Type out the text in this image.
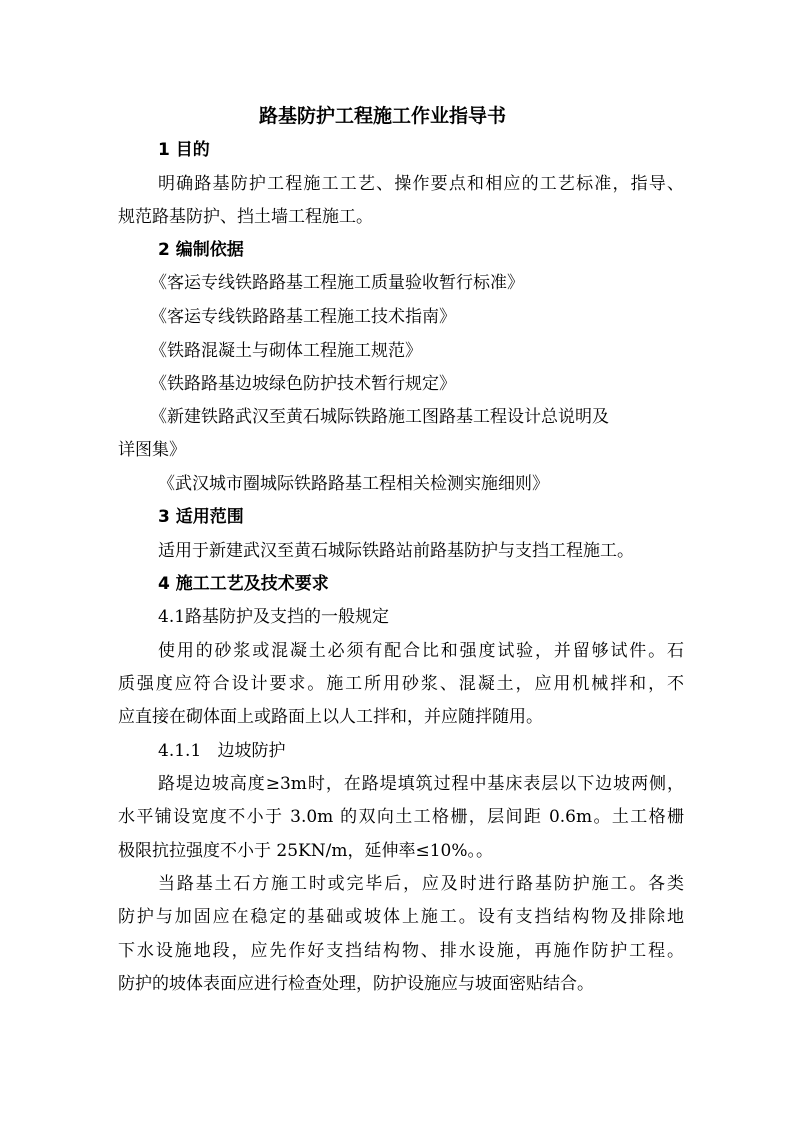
路基防护工程施工作业指导书
1 目的
明确路基防护工程施工工艺、操作要点和相应的工艺标准，指导、
规范路基防护、挡土墙工程施工。
2 编制依据
《客运专线铁路路基工程施工质量验收暂行标准》
《客运专线铁路路基工程施工技术指南》
《铁路混凝土与砌体工程施工规范》
《铁路路基边坡绿色防护技术暂行规定》
《新建铁路武汉至黄石城际铁路施工图路基工程设计总说明及
详图集》
《武汉城市圈城际铁路路基工程相关检测实施细则》
3 适用范围
适用于新建武汉至黄石城际铁路站前路基防护与支挡工程施工。
4 施工工艺及技术要求
4.1路基防护及支挡的一般规定
使用的砂浆或混凝土必须有配合比和强度试验，并留够试件。石
质强度应符合设计要求。施工所用砂浆、混凝土，应用机械拌和，不
应直接在砌体面上或路面上以人工拌和，并应随拌随用。
4.1.1   边坡防护
路堤边坡高度≥3m时，在路堤填筑过程中基床表层以下边坡两侧，
水平铺设宽度不小于 3.0m 的双向土工格栅，层间距 0.6m。土工格栅
极限抗拉强度不小于 25KN/m，延伸率≤10%。。
当路基土石方施工时或完毕后，应及时进行路基防护施工。各类
防护与加固应在稳定的基础或坡体上施工。设有支挡结构物及排除地
下水设施地段，应先作好支挡结构物、排水设施，再施作防护工程。
防护的坡体表面应进行检查处理，防护设施应与坡面密贴结合。
